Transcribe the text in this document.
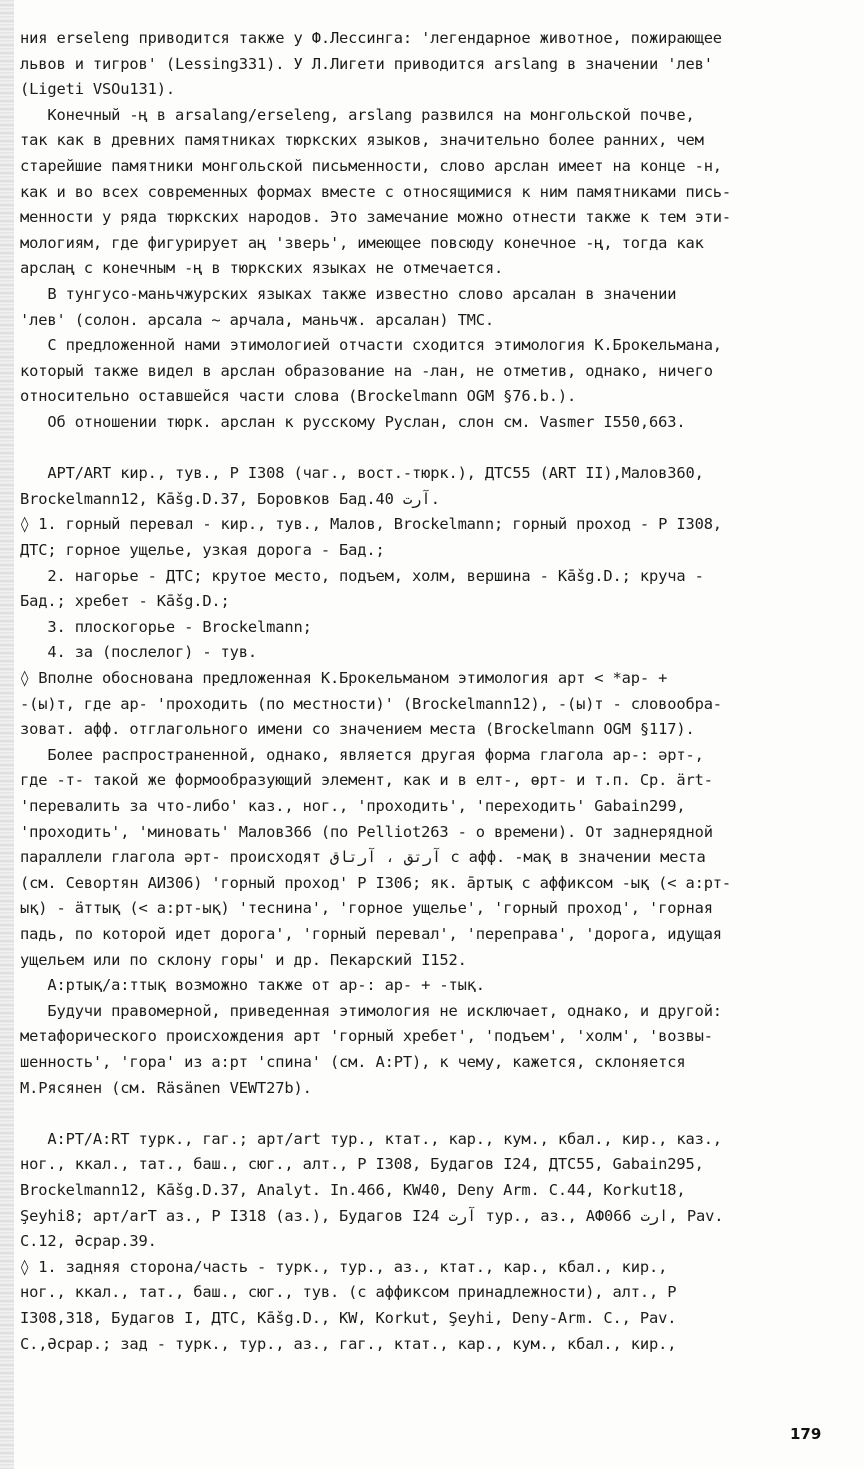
ния erseleng приводится также у Ф.Лессинга: 'легендарное животное, пожирающее
львов и тигров' (Lessing331). У Л.Лигети приводится arslang в значении 'лев'
(Ligeti VSOu131).
Конечный -ң в arsalang/erseleng, arslang развился на монгольской почве,
так как в древних памятниках тюркских языков, значительно более ранних, чем
старейшие памятники монгольской письменности, слово арслан имеет на конце -н,
как и во всех современных формах вместе с относящимися к ним памятниками пись-
менности у ряда тюркских народов. Это замечание можно отнести также к тем эти-
мологиям, где фигурирует аң 'зверь', имеющее повсюду конечное -ң, тогда как
арслаң с конечным -ң в тюркских языках не отмечается.
В тунгусо-маньчжурских языках также известно слово арсалан в значении
'лев' (солон. арсала ~ арчала, маньчж. арсалан) ТМС.
С предложенной нами этимологией отчасти сходится этимология К.Брокельмана,
который также видел в арслан образование на -лан, не отметив, однако, ничего
относительно оставшейся части слова (Brockelmann OGM §76.b.).
Об отношении тюрк. арслан к русскому Руслан, слон см. Vasmer I550,663.
АРТ/ART кир., тув., Р I308 (чаг., вост.-тюрк.), ДТС55 (ART II),Малов360,
Brockelmann12, Kāšg.D.37, Боровков Бад.40 آرت.
◊ 1. горный перевал - кир., тув., Малов, Brockelmann; горный проход - Р I308,
ДТС; горное ущелье, узкая дорога - Бад.;
2. нагорье - ДТС; крутое место, подъем, холм, вершина - Kāšg.D.; круча -
Бад.; хребет - Kāšg.D.;
3. плоскогорье - Brockelmann;
4. за (послелог) - тув.
◊ Вполне обоснована предложенная К.Брокельманом этимология арт < *ар- +
-(ы)т, где ар- 'проходить (по местности)' (Brockelmann12), -(ы)т - словообра-
зоват. афф. отглагольного имени со значением места (Brockelmann OGM §117).
Более распространенной, однако, является другая форма глагола ар-: әрт-,
где -т- такой же формообразующий элемент, как и в елт-, өрт- и т.п. Ср. ärt-
'перевалить за что-либо' каз., ног., 'проходить', 'переходить' Gabain299,
'проходить', 'миновать' Малов366 (по Pelliot263 - о времени). От заднерядной
параллели глагола әрт- происходят آرتق ، آرتاق с афф. -мақ в значении места
(см. Севортян АИ306) 'горный проход' Р I306; як. āртық с аффиксом -ық (< а:рт-
ық) - ӓттық (< а:рт-ық) 'теснина', 'горное ущелье', 'горный проход', 'горная
падь, по которой идет дорога', 'горный перевал', 'переправа', 'дорога, идущая
ущельем или по склону горы' и др. Пекарский I152.
А:ртық/а:ттық возможно также от ар-: ар- + -тық.
Будучи правомерной, приведенная этимология не исключает, однако, и другой:
метафорического происхождения арт 'горный хребет', 'подъем', 'холм', 'возвы-
шенность', 'гора' из а:рт 'спина' (см. А:РТ), к чему, кажется, склоняется
М.Рясянен (см. Räsänen VEWT27b).
А:РТ/А:RT турк., гаг.; арт/art тур., ктат., кар., кум., кбал., кир., каз.,
ног., ккал., тат., баш., сюг., алт., Р I308, Будагов I24, ДТС55, Gabain295,
Brockelmann12, Kāšg.D.37, Analyt. In.466, KW40, Deny Arm. C.44, Korkut18,
Şeyhi8; арт/arT аз., Р I318 (аз.), Будагов I24 آرت тур., аз., АФ066 ارت, Pav.
C.12, Әсрар.39.
◊ 1. задняя сторона/часть - турк., тур., аз., ктат., кар., кбал., кир.,
ног., ккал., тат., баш., сюг., тув. (с аффиксом принадлежности), алт., Р
I308,318, Будагов I, ДТС, Kāšg.D., KW, Korkut, Şeyhi, Deny-Arm. C., Pav.
C.,Әсрар.; зад - турк., тур., аз., гаг., ктат., кар., кум., кбал., кир.,
179
